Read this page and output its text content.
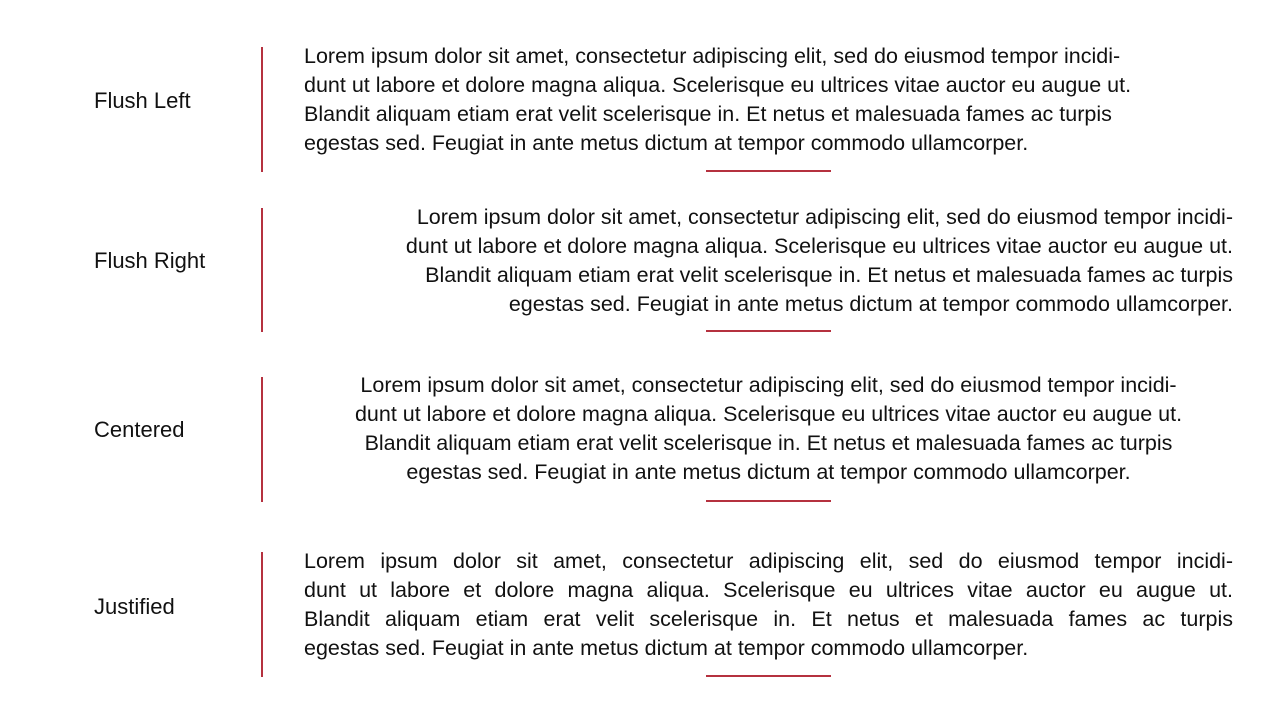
Flush Left
Lorem ipsum dolor sit amet, consectetur adipiscing elit, sed do eiusmod tempor incidi-
dunt ut labore et dolore magna aliqua. Scelerisque eu ultrices vitae auctor eu augue ut.
Blandit aliquam etiam erat velit scelerisque in. Et netus et malesuada fames ac turpis
egestas sed. Feugiat in ante metus dictum at tempor commodo ullamcorper.
Flush Right
Lorem ipsum dolor sit amet, consectetur adipiscing elit, sed do eiusmod tempor incidi-
dunt ut labore et dolore magna aliqua. Scelerisque eu ultrices vitae auctor eu augue ut.
Blandit aliquam etiam erat velit scelerisque in. Et netus et malesuada fames ac turpis
egestas sed. Feugiat in ante metus dictum at tempor commodo ullamcorper.
Centered
Lorem ipsum dolor sit amet, consectetur adipiscing elit, sed do eiusmod tempor incidi-
dunt ut labore et dolore magna aliqua. Scelerisque eu ultrices vitae auctor eu augue ut.
Blandit aliquam etiam erat velit scelerisque in. Et netus et malesuada fames ac turpis
egestas sed. Feugiat in ante metus dictum at tempor commodo ullamcorper.
Justified
Lorem ipsum dolor sit amet, consectetur adipiscing elit, sed do eiusmod tempor incidi-
dunt ut labore et dolore magna aliqua. Scelerisque eu ultrices vitae auctor eu augue ut.
Blandit aliquam etiam erat velit scelerisque in. Et netus et malesuada fames ac turpis
egestas sed. Feugiat in ante metus dictum at tempor commodo ullamcorper.
